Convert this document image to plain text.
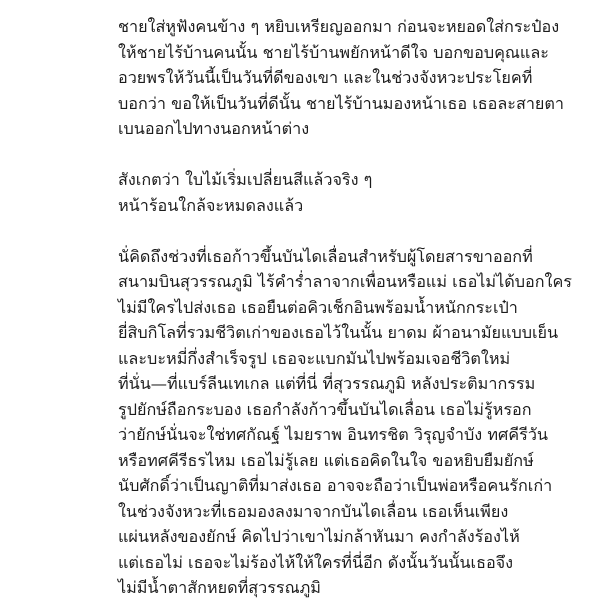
ชายใส่หูฟังคนข้าง ๆ หยิบเหรียญออกมา ก่อนจะหยอดใส่กระป๋อง
ให้ชายไร้บ้านคนนั้น ชายไร้บ้านพยักหน้าดีใจ บอกขอบคุณและ
อวยพรให้วันนี้เป็นวันที่ดีของเขา และในช่วงจังหวะประโยคที่
บอกว่า ขอให้เป็นวันที่ดีนั้น ชายไร้บ้านมองหน้าเธอ เธอละสายตา
เบนออกไปทางนอกหน้าต่าง
สังเกตว่า ใบไม้เริ่มเปลี่ยนสีแล้วจริง ๆ
หน้าร้อนใกล้จะหมดลงแล้ว
นั่คิดถึงช่วงที่เธอก้าวขึ้นบันไดเลื่อนสำหรับผู้โดยสารขาออกที่
สนามบินสุวรรณภูมิ ไร้คำร่ำลาจากเพื่อนหรือแม่ เธอไม่ได้บอกใคร
ไม่มีใครไปส่งเธอ เธอยืนต่อคิวเช็กอินพร้อมน้ำหนักกระเป๋า
ยี่สิบกิโลที่รวมชีวิตเก่าของเธอไว้ในนั้น ยาดม ผ้าอนามัยแบบเย็น
และบะหมี่กึ่งสำเร็จรูป เธอจะแบกมันไปพร้อมเจอชีวิตใหม่
ที่นั่น—ที่แบร์ลีนเทเกล แต่ที่นี่ ที่สุวรรณภูมิ หลังประติมากรรม
รูปยักษ์ถือกระบอง เธอกำลังก้าวขึ้นบันไดเลื่อน เธอไม่รู้หรอก
ว่ายักษ์นั่นจะใช่ทศกัณฐ์ ไมยราพ อินทรชิต วิรุญจำบัง ทศคีรีวัน
หรือทศคีรีธรไหม เธอไม่รู้เลย แต่เธอคิดในใจ ขอหยิบยืมยักษ์
นับศักดิ์ว่าเป็นญาติที่มาส่งเธอ อาจจะถือว่าเป็นพ่อหรือคนรักเก่า
ในช่วงจังหวะที่เธอมองลงมาจากบันไดเลื่อน เธอเห็นเพียง
แผ่นหลังของยักษ์ คิดไปว่าเขาไม่กล้าหันมา คงกำลังร้องไห้
แต่เธอไม่ เธอจะไม่ร้องไห้ให้ใครที่นี่อีก ดังนั้นวันนั้นเธอจึง
ไม่มีน้ำตาสักหยดที่สุวรรณภูมิ
